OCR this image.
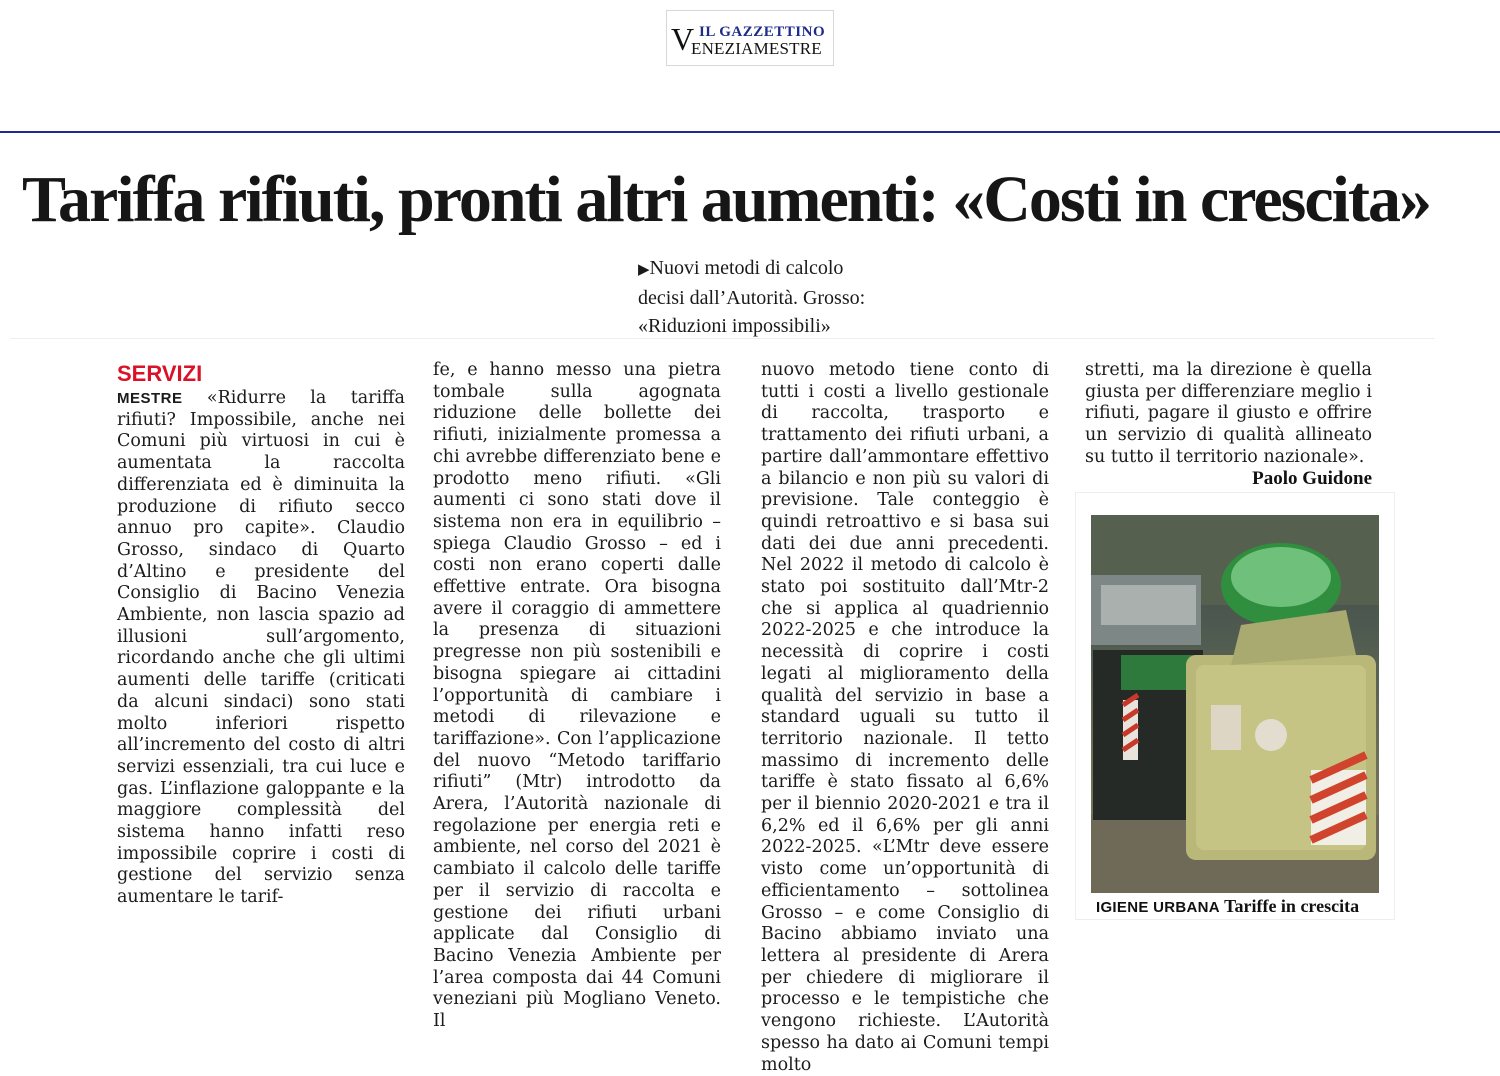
V IL GAZZETTINO
ENEZIAMESTRE
Tariffa rifiuti, pronti altri aumenti: «Costi in crescita»
▶Nuovi metodi di calcolo
decisi dall’Autorità. Grosso:
«Riduzioni impossibili»
SERVIZI
MESTRE «Ridurre la tariffa rifiuti? Impossibile, anche nei Comuni più virtuosi in cui è aumentata la raccolta differenziata ed è diminuita la produzione di rifiuto secco annuo pro capite». Claudio Grosso, sindaco di Quarto d’Altino e presidente del Consiglio di Bacino Venezia Ambiente, non lascia spazio ad illusioni sull’argomento, ricordando anche che gli ultimi aumenti delle tariffe (criticati da alcuni sindaci) sono stati molto inferiori rispetto all’incremento del costo di altri servizi essenziali, tra cui luce e gas. L’inflazione galoppante e la maggiore complessità del sistema hanno infatti reso impossibile coprire i costi di gestione del servizio senza aumentare le tarif-
fe, e hanno messo una pietra tombale sulla agognata riduzione delle bollette dei rifiuti, inizialmente promessa a chi avrebbe differenziato bene e prodotto meno rifiuti. «Gli aumenti ci sono stati dove il sistema non era in equilibrio – spiega Claudio Grosso – ed i costi non erano coperti dalle effettive entrate. Ora bisogna avere il coraggio di ammettere la presenza di situazioni pregresse non più sostenibili e bisogna spiegare ai cittadini l’opportunità di cambiare i metodi di rilevazione e tariffazione». Con l’applicazione del nuovo “Metodo tariffario rifiuti” (Mtr) introdotto da Arera, l’Autorità nazionale di regolazione per energia reti e ambiente, nel corso del 2021 è cambiato il calcolo delle tariffe per il servizio di raccolta e gestione dei rifiuti urbani applicate dal Consiglio di Bacino Venezia Ambiente per l’area composta dai 44 Comuni veneziani più Mogliano Veneto. Il
nuovo metodo tiene conto di tutti i costi a livello gestionale di raccolta, trasporto e trattamento dei rifiuti urbani, a partire dall’ammontare effettivo a bilancio e non più su valori di previsione. Tale conteggio è quindi retroattivo e si basa sui dati dei due anni precedenti. Nel 2022 il metodo di calcolo è stato poi sostituito dall’Mtr-2 che si applica al quadriennio 2022-2025 e che introduce la necessità di coprire i costi legati al miglioramento della qualità del servizio in base a standard uguali su tutto il territorio nazionale. Il tetto massimo di incremento delle tariffe è stato fissato al 6,6% per il biennio 2020-2021 e tra il 6,2% ed il 6,6% per gli anni 2022-2025. «L’Mtr deve essere visto come un’opportunità di efficientamento – sottolinea Grosso – e come Consiglio di Bacino abbiamo inviato una lettera al presidente di Arera per chiedere di migliorare il processo e le tempistiche che vengono richieste. L’Autorità spesso ha dato ai Comuni tempi molto
stretti, ma la direzione è quella giusta per differenziare meglio i rifiuti, pagare il giusto e offrire un servizio di qualità allineato su tutto il territorio nazionale».
Paolo Guidone
IGIENE URBANA Tariffe in crescita
